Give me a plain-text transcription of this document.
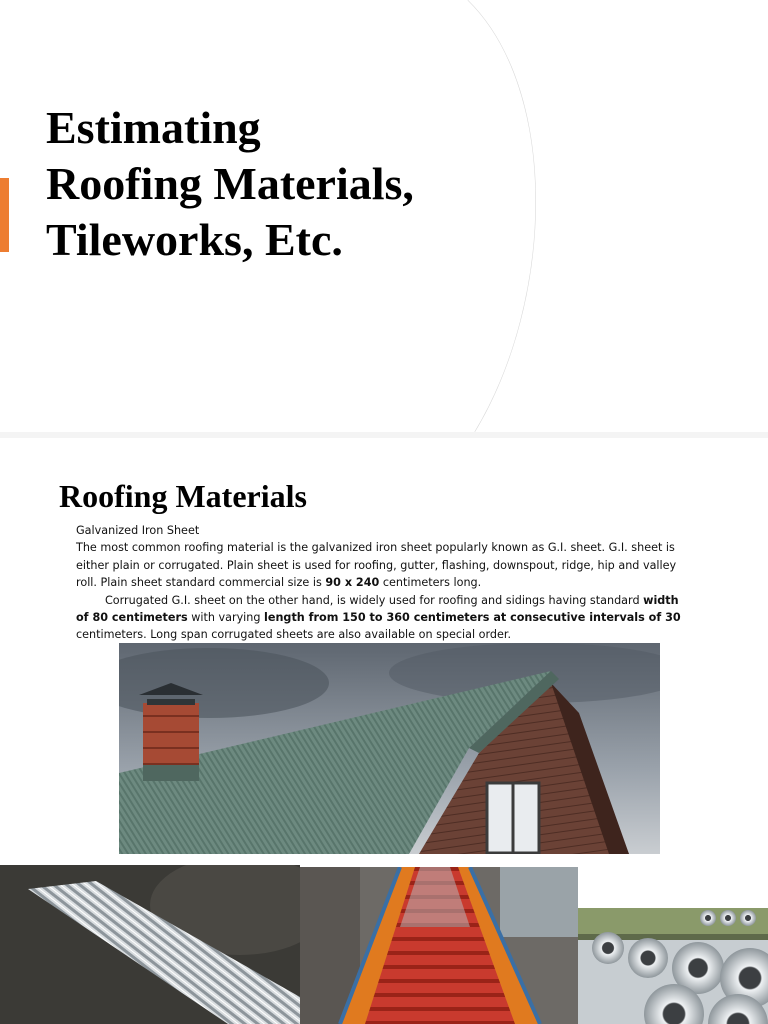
Estimating
Roofing Materials,
Tileworks, Etc.
Roofing Materials

Galvanized Iron Sheet

The most common roofing material is the galvanized iron sheet popularly known as G.I. sheet. G.I. sheet is either plain or corrugated. Plain sheet is used for roofing, gutter, flashing, downspout, ridge, hip and valley roll. Plain sheet standard commercial size is 90 x 240 centimeters long.

Corrugated G.I. sheet on the other hand, is widely used for roofing and sidings having standard width of 80 centimeters with varying length from 150 to 360 centimeters at consecutive intervals of 30 centimeters. Long span corrugated sheets are also available on special order.
